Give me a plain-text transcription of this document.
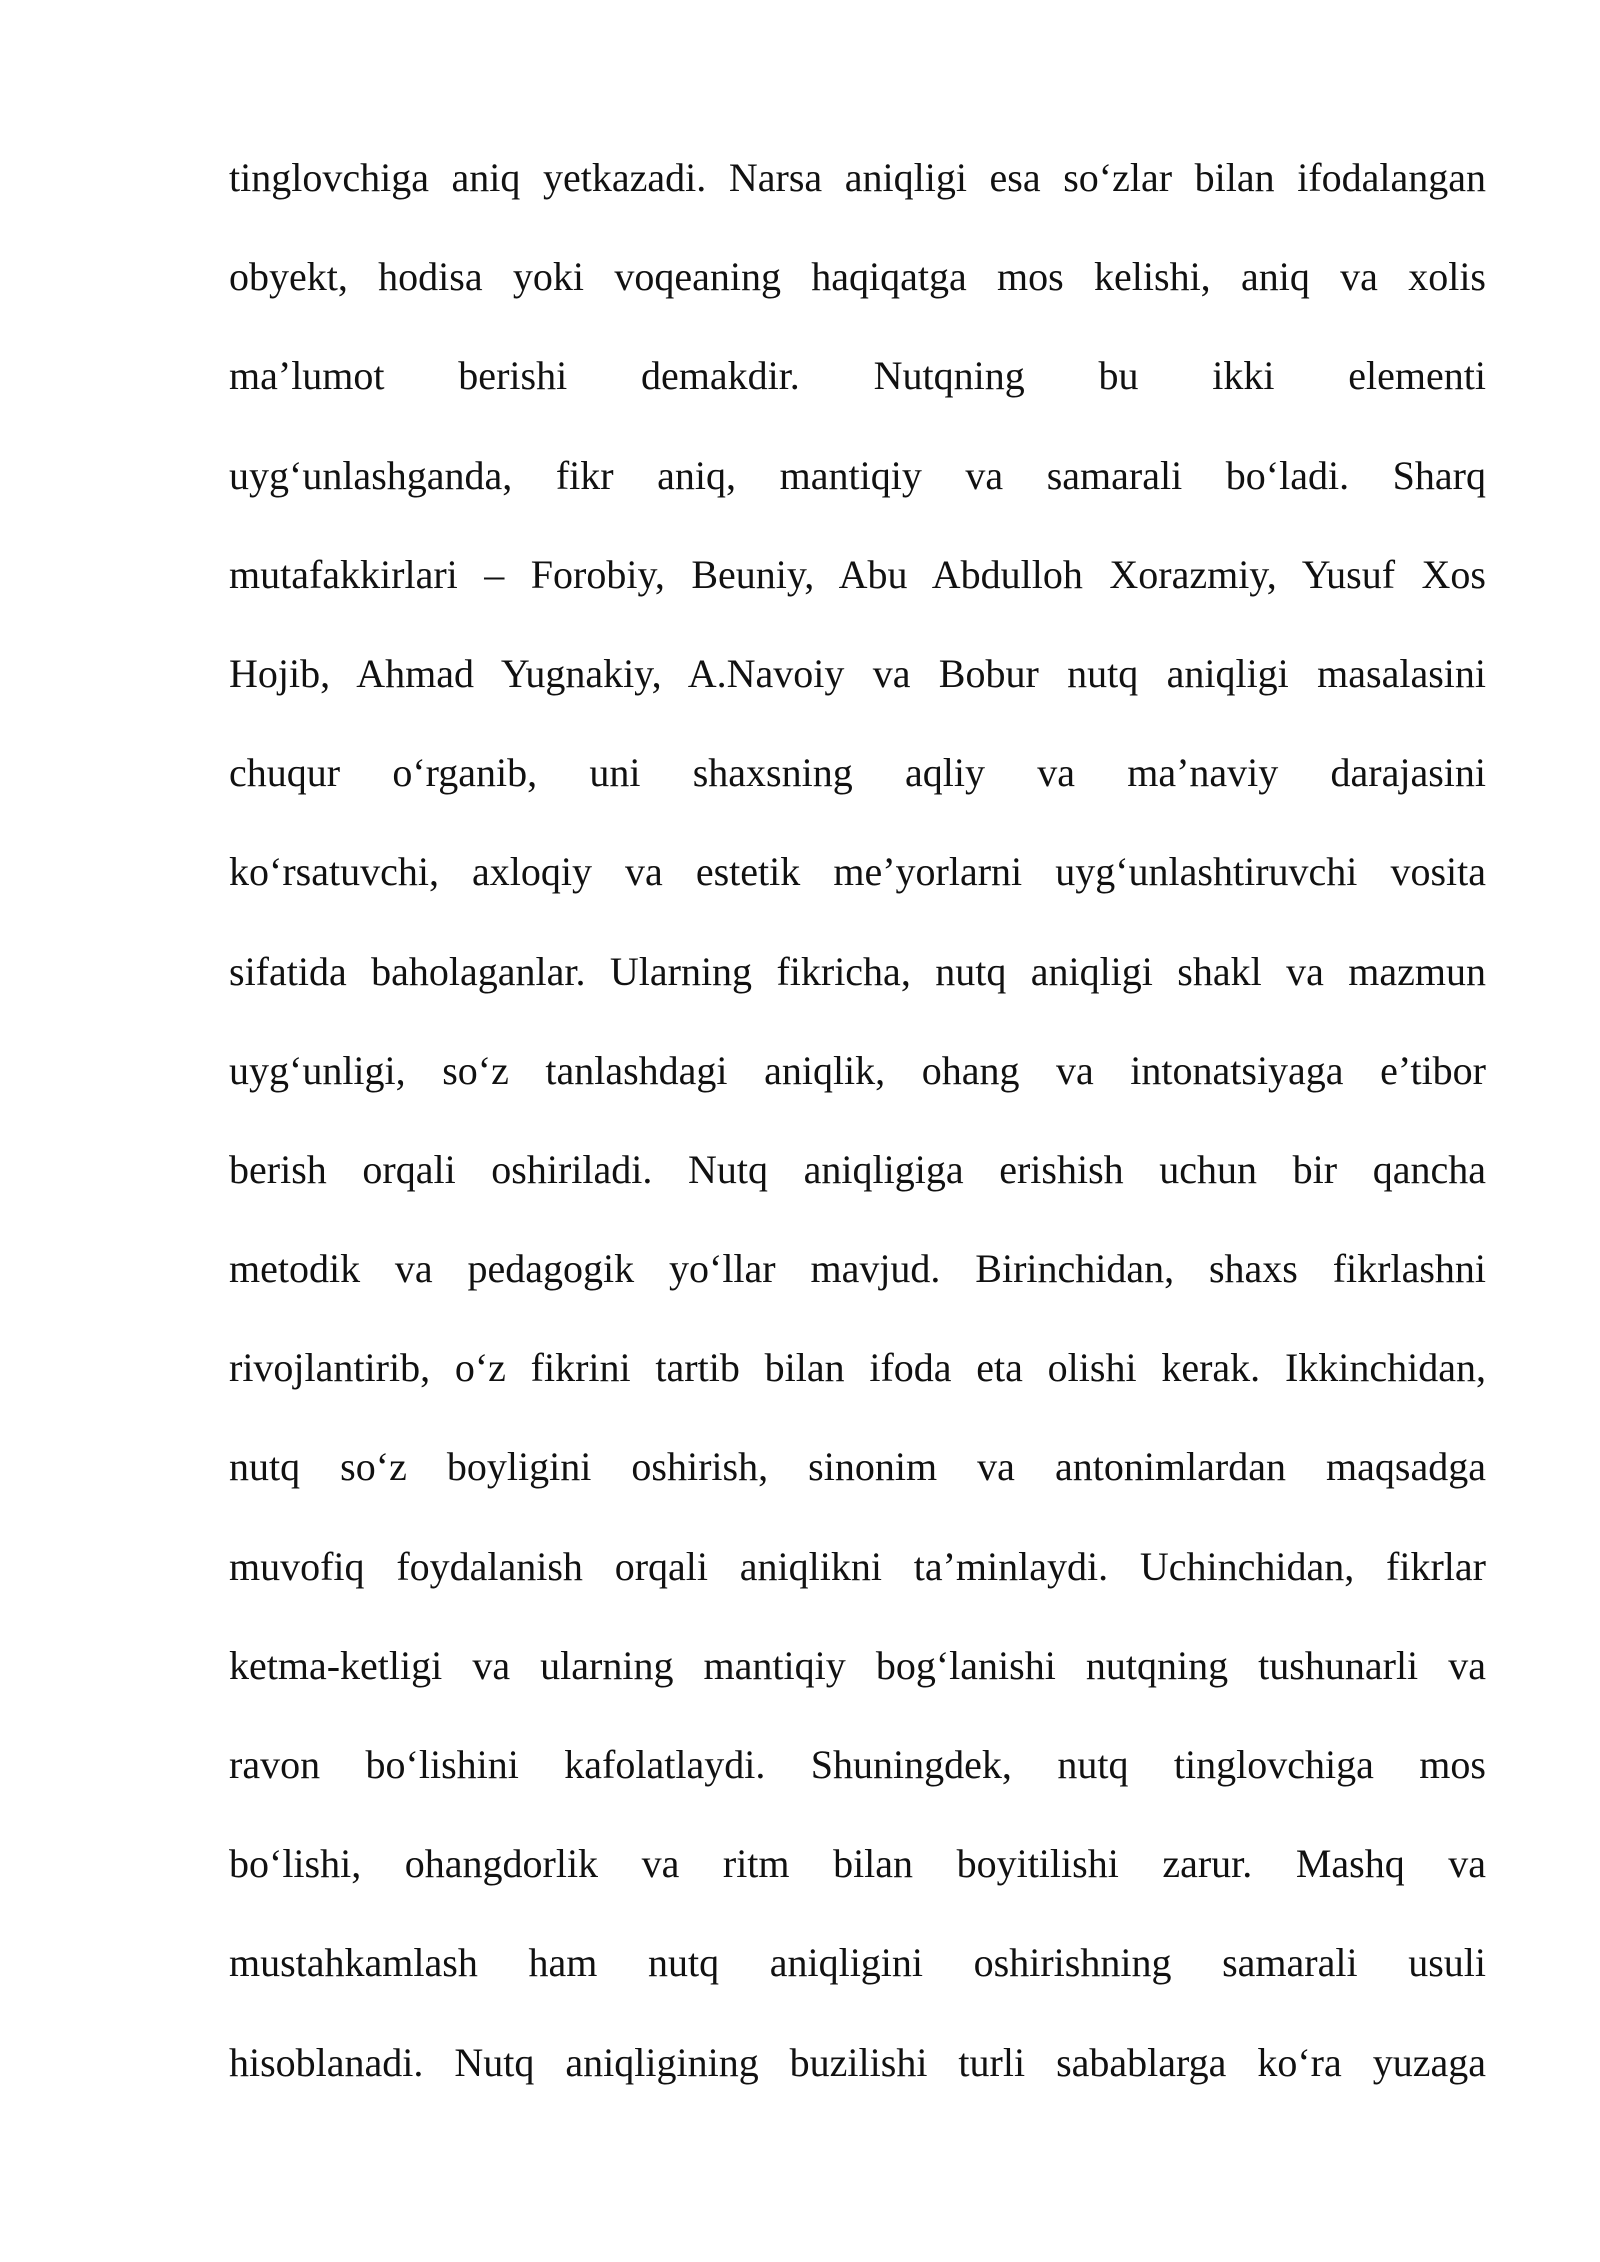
tinglovchiga aniq yetkazadi. Narsa aniqligi esa so‘zlar bilan ifodalangan
obyekt, hodisa yoki voqeaning haqiqatga mos kelishi, aniq va xolis
ma’lumot berishi demakdir. Nutqning bu ikki elementi
uyg‘unlashganda, fikr aniq, mantiqiy va samarali bo‘ladi. Sharq
mutafakkirlari – Forobiy, Beuniy, Abu Abdulloh Xorazmiy, Yusuf Xos
Hojib, Ahmad Yugnakiy, A.Navoiy va Bobur nutq aniqligi masalasini
chuqur o‘rganib, uni shaxsning aqliy va ma’naviy darajasini
ko‘rsatuvchi, axloqiy va estetik me’yorlarni uyg‘unlashtiruvchi vosita
sifatida baholaganlar. Ularning fikricha, nutq aniqligi shakl va mazmun
uyg‘unligi, so‘z tanlashdagi aniqlik, ohang va intonatsiyaga e’tibor
berish orqali oshiriladi. Nutq aniqligiga erishish uchun bir qancha
metodik va pedagogik yo‘llar mavjud. Birinchidan, shaxs fikrlashni
rivojlantirib, o‘z fikrini tartib bilan ifoda eta olishi kerak. Ikkinchidan,
nutq so‘z boyligini oshirish, sinonim va antonimlardan maqsadga
muvofiq foydalanish orqali aniqlikni ta’minlaydi. Uchinchidan, fikrlar
ketma-ketligi va ularning mantiqiy bog‘lanishi nutqning tushunarli va
ravon bo‘lishini kafolatlaydi. Shuningdek, nutq tinglovchiga mos
bo‘lishi, ohangdorlik va ritm bilan boyitilishi zarur. Mashq va
mustahkamlash ham nutq aniqligini oshirishning samarali usuli
hisoblanadi. Nutq aniqligining buzilishi turli sabablarga ko‘ra yuzaga
